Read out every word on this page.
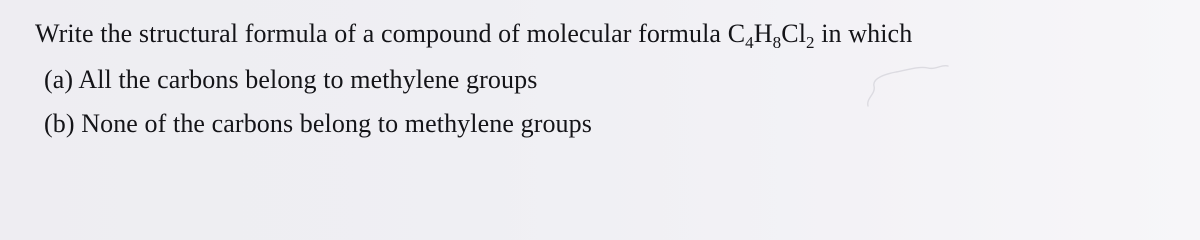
Write the structural formula of a compound of molecular formula $C_4H_8Cl_2$ in which
(a) All the carbons belong to methylene groups
(b) None of the carbons belong to methylene groups
